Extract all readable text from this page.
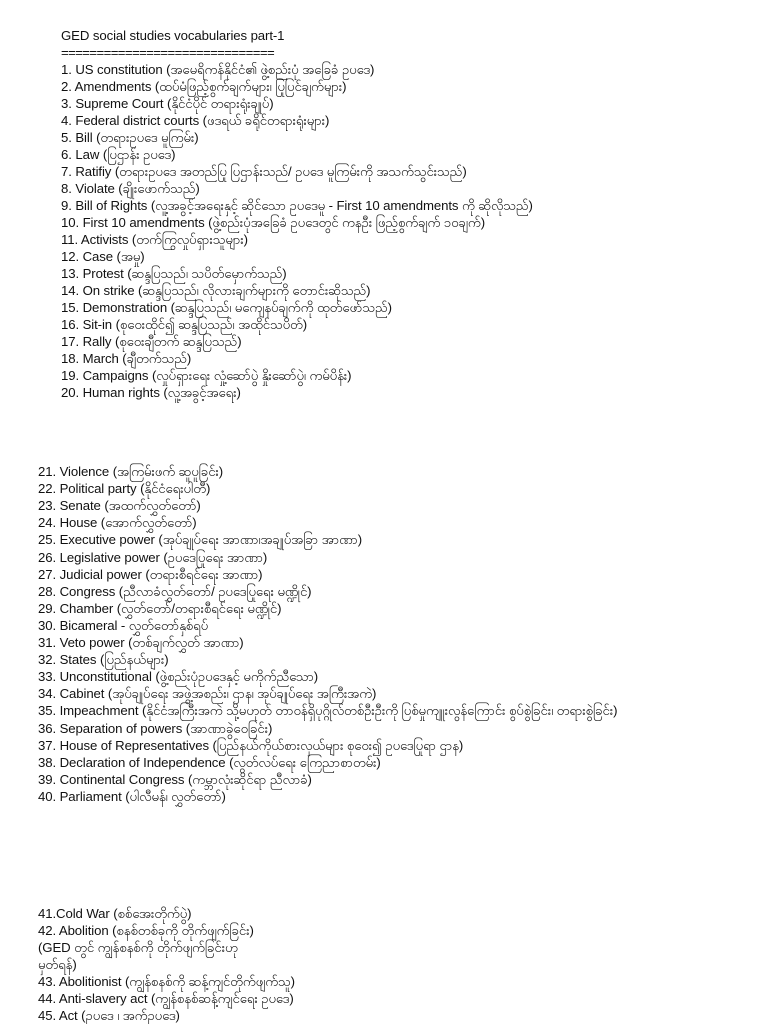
GED social studies vocabularies part-1
==============================
1. US constitution (အမေရိကန်နိုင်ငံ၏ ဖွဲ့စည်းပုံ အခြေခံ ဥပဒေ)
2. Amendments (ထပ်မံဖြည့်စွက်ချက်များ၊ ပြုပြင်ချက်များ)
3. Supreme Court (နိုင်ငံပိုင် တရားရုံးချုပ်)
4. Federal district courts (ဖဒရယ် ခရိုင်တရားရုံးများ)
5. Bill (တရားဥပဒေ မူကြမ်း)
6. Law (ပြဌာန်း ဥပဒေ)
7. Ratifiy (တရားဥပဒေ အတည်ပြု ပြဌာန်းသည်/ ဥပဒေ မူကြမ်းကို အသက်သွင်းသည်)
8. Violate (ချိုးဖောက်သည်)
9. Bill of Rights (လူ့အခွင့်အရေးနှင့် ဆိုင်သော ဥပဒေမူ - First 10 amendments ကို ဆိုလိုသည်)
10. First 10 amendments (ဖွဲ့စည်းပုံအခြေခံ ဥပဒေတွင် ကနဦး ဖြည့်စွက်ချက် ၁၀ချက်)
11. Activists (တက်ကြွလှုပ်ရှားသူများ)
12. Case (အမှု)
13. Protest (ဆန္ဒပြသည်၊ သပိတ်မှောက်သည်)
14. On strike (ဆန္ဒပြသည်၊ လိုလားချက်များကို တောင်းဆိုသည်)
15. Demonstration (ဆန္ဒပြသည်၊ မကျေနပ်ချက်ကို ထုတ်ဖော်သည်)
16. Sit-in (စုဝေးထိုင်၍ ဆန္ဒပြသည်၊ အထိုင်သပိတ်)
17. Rally (စုဝေးချီတက် ဆန္ဒပြသည်)
18. March (ချီတက်သည်)
19. Campaigns (လှုပ်ရှားရေး လှုံ့ဆော်ပွဲ နှိုးဆော်ပွဲ၊ ကမ်ပိန်း)
20. Human rights (လူ့အခွင့်အရေး)
21. Violence (အကြမ်းဖက် ဆူပူခြင်း)
22. Political party (နိုင်ငံရေးပါတီ)
23. Senate (အထက်လွှတ်တော်)
24. House (အောက်လွှတ်တော်)
25. Executive power (အုပ်ချုပ်ရေး အာဏာ၊အချုပ်အခြာ အာဏာ)
26. Legislative power (ဥပဒေပြုရေး အာဏာ)
27. Judicial power (တရားစီရင်ရေး အာဏာ)
28. Congress (ညီလာခံလွှတ်တော်/ ဥပဒေပြုရေး မဏ္ဍိုင်)
29. Chamber (လွှတ်တော်/တရားစီရင်ရေး မဏ္ဍိုင်)
30. Bicameral - လွှတ်တော်နှစ်ရပ်
31. Veto power (တစ်ချက်လွှတ် အာဏာ)
32. States (ပြည်နယ်များ)
33. Unconstitutional (ဖွဲ့စည်းပုံဥပဒေနှင့် မကိုက်ညီသော)
34. Cabinet (အုပ်ချုပ်ရေး အဖွဲ့အစည်း၊ ဌာန၊ အုပ်ချုပ်ရေး အကြီးအကဲ)
35. Impeachment (နိုင်ငံအကြီးအကဲ သို့မဟုတ် တာဝန်ရှိပုဂ္ဂိုလ်တစ်ဦးဦးကို ပြစ်မှုကျူးလွန်ကြောင်း စွပ်စွဲခြင်း၊ တရားစွဲခြင်း)
36. Separation of powers (အာဏာခွဲဝေခြင်း)
37. House of Representatives (ပြည်နယ်ကိုယ်စားလှယ်များ စုဝေး၍ ဥပဒေပြုရာ ဌာန)
38. Declaration of Independence (လွတ်လပ်ရေး ကြေညာစာတမ်း)
39. Continental Congress (ကမ္ဘာလုံးဆိုင်ရာ ညီလာခံ)
40. Parliament (ပါလီမန်၊ လွှတ်တော်)
41.Cold War (စစ်အေးတိုက်ပွဲ)
42. Abolition (စနစ်တစ်ခုကို တိုက်ဖျက်ခြင်း)
(GED တွင် ကျွန်စနစ်ကို တိုက်ဖျက်ခြင်းဟု
မှတ်ရန်)
43. Abolitionist (ကျွန်စနစ်ကို ဆန့်ကျင်တိုက်ဖျက်သူ)
44. Anti-slavery act (ကျွန်စနစ်ဆန့်ကျင်ရေး ဥပဒေ)
45. Act (ဥပဒေ ၊ အက်ဥပဒေ)
